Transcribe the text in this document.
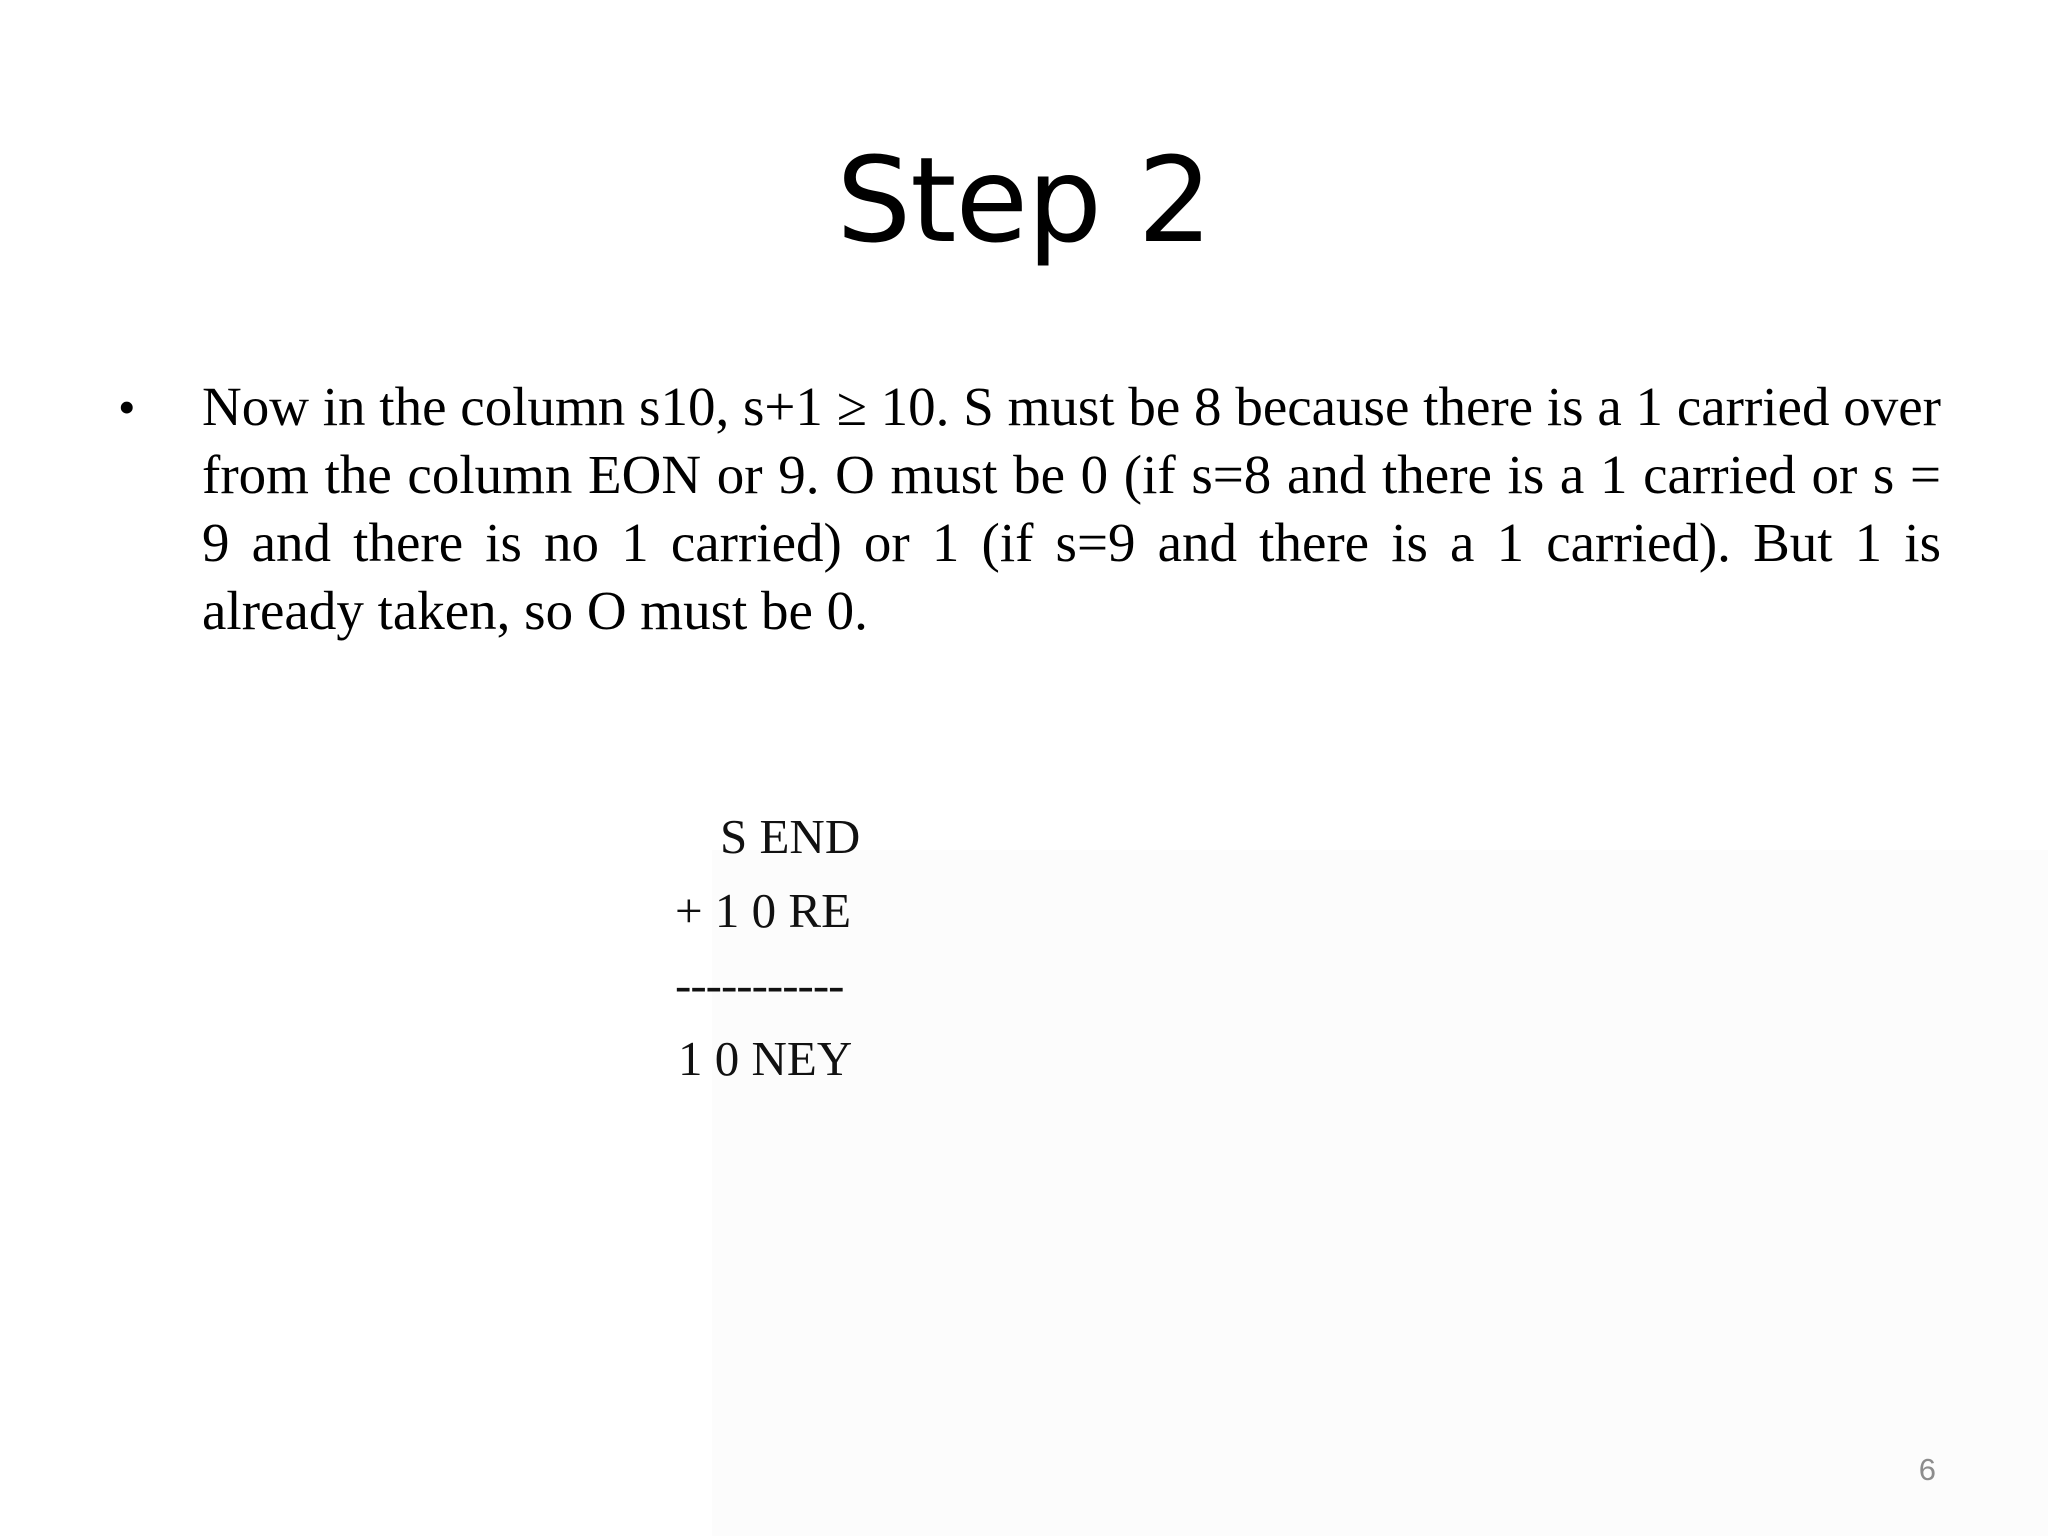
Step 2
• Now in the column s10, s+1 ≥ 10. S must be 8 because there is a 1 carried over from the column EON or 9. O must be 0 (if s=8 and there is a 1 carried or s = 9 and there is no 1 carried) or 1 (if s=9 and there is a 1 carried). But 1 is already taken, so O must be 0.
S END
+ 1 0 RE
-----------
1 0 NEY
6
